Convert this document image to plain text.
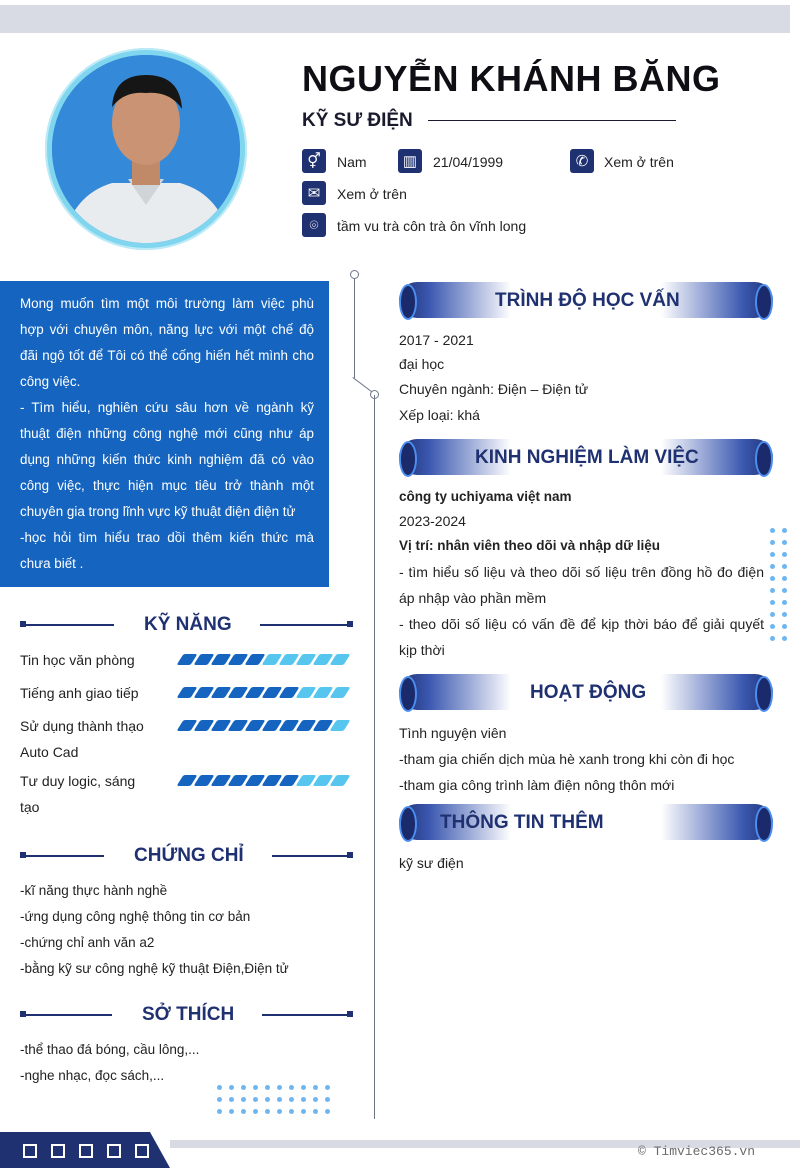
NGUYỄN KHÁNH BĂNG
KỸ SƯ ĐIỆN
⚥	Nam	▥	21/04/1999	✆	Xem ở trên
✉	Xem ở trên
⌾	tầm vu trà côn trà ôn vĩnh long
Mong muốn tìm một môi trường làm việc phù hợp với chuyên môn, năng lực với một chế độ đãi ngộ tốt để Tôi có thể cống hiến hết mình cho công việc.
- Tìm hiểu, nghiên cứu sâu hơn về ngành kỹ thuật điện những công nghệ mới cũng như áp dụng những kiến thức kinh nghiệm đã có vào công việc, thực hiện mục tiêu trở thành một chuyên gia trong lĩnh vực kỹ thuật điện điện tử
-học hỏi tìm hiểu trao dồi thêm kiến thức mà chưa biết .
KỸ NĂNG
Tin học văn phòng
Tiếng anh giao tiếp
Sử dụng thành thạo Auto Cad
Tư duy logic, sáng tạo
CHỨNG CHỈ
-kĩ năng thực hành nghề
-ứng dụng công nghệ thông tin cơ bản
-chứng chỉ anh văn a2
-bằng kỹ sư công nghệ kỹ thuật Điện,Điện tử
SỞ THÍCH
-thể thao đá bóng, cầu lông,...
-nghe nhạc, đọc sách,...
TRÌNH ĐỘ HỌC VẤN
2017 - 2021
đại học
Chuyên ngành: Điện – Điện tử
Xếp loại: khá
KINH NGHIỆM LÀM VIỆC
công ty uchiyama việt nam
2023-2024
Vị trí: nhân viên theo dõi và nhập dữ liệu
- tìm hiểu số liệu và theo dõi số liệu trên đồng hồ đo điện áp nhập vào phần mềm
- theo dõi số liệu có vấn đề để kịp thời báo để giải quyết kịp thời
HOẠT ĐỘNG
Tình nguyện viên
-tham gia chiến dịch mùa hè xanh trong khi còn đi học
-tham gia công trình làm điện nông thôn mới
THÔNG TIN THÊM
kỹ sư điện
© Timviec365.vn
